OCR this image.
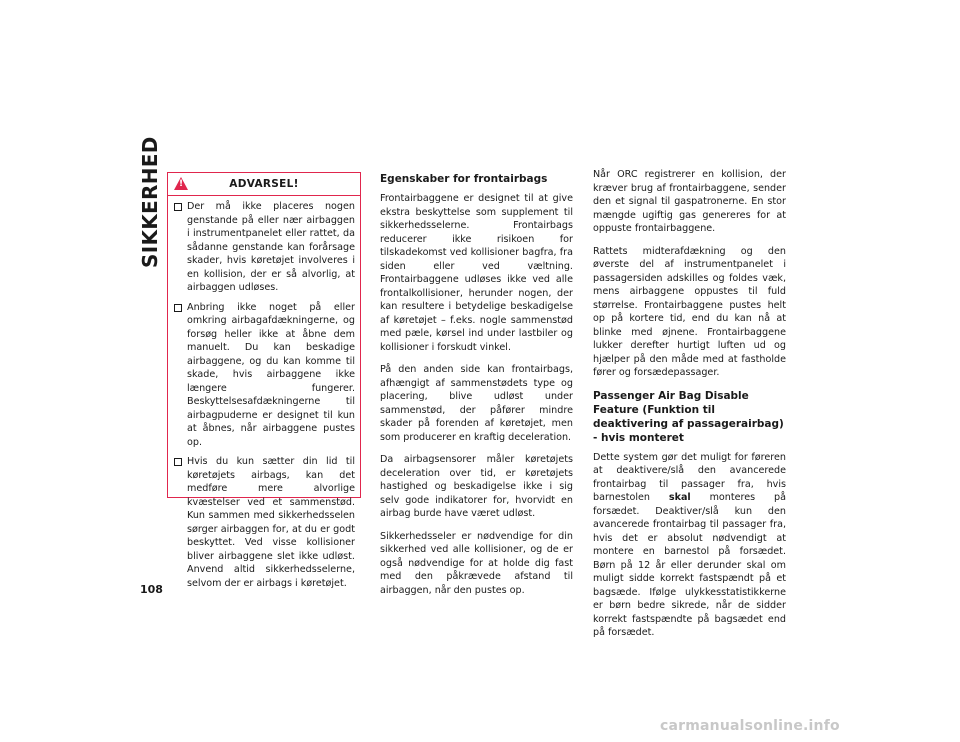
SIKKERHED
108
!
ADVARSEL!

Der må ikke placeres nogen genstande på eller nær airbaggen i instrumentpanelet eller rattet, da sådanne genstande kan forårsage skader, hvis køretøjet involveres i en kollision, der er så alvorlig, at airbaggen udløses.

Anbring ikke noget på eller omkring airbagafdækningerne, og forsøg heller ikke at åbne dem manuelt. Du kan beskadige airbaggene, og du kan komme til skade, hvis airbaggene ikke længere fungerer. Beskyttelsesafdækningerne til airbagpuderne er designet til kun at åbnes, når airbaggene pustes op.

Hvis du kun sætter din lid til køretøjets airbags, kan det medføre mere alvorlige kvæstelser ved et sammenstød. Kun sammen med sikkerhedsselen sørger airbaggen for, at du er godt beskyttet. Ved visse kollisioner bliver airbaggene slet ikke udløst. Anvend altid sikkerhedsselerne, selvom der er airbags i køretøjet.

Egenskaber for frontairbags

Frontairbaggene er designet til at give ekstra beskyttelse som supplement til sikkerhedsselerne. Frontairbags reducerer ikke risikoen for tilskadekomst ved kollisioner bagfra, fra siden eller ved væltning. Frontairbaggene udløses ikke ved alle frontalkollisioner, herunder nogen, der kan resultere i betydelige beskadigelse af køretøjet – f.eks. nogle sammenstød med pæle, kørsel ind under lastbiler og kollisioner i forskudt vinkel.

På den anden side kan frontairbags, afhængigt af sammenstødets type og placering, blive udløst under sammenstød, der påfører mindre skader på forenden af køretøjet, men som producerer en kraftig deceleration.

Da airbagsensorer måler køretøjets deceleration over tid, er køretøjets hastighed og beskadigelse ikke i sig selv gode indikatorer for, hvorvidt en airbag burde have været udløst.

Sikkerhedsseler er nødvendige for din sikkerhed ved alle kollisioner, og de er også nødvendige for at holde dig fast med den påkrævede afstand til airbaggen, når den pustes op.

Når ORC registrerer en kollision, der kræver brug af frontairbaggene, sender den et signal til gaspatronerne. En stor mængde ugiftig gas genereres for at oppuste frontairbaggene.

Rattets midterafdækning og den øverste del af instrumentpanelet i passagersiden adskilles og foldes væk, mens airbaggene oppustes til fuld størrelse. Frontairbaggene pustes helt op på kortere tid, end du kan nå at blinke med øjnene. Frontairbaggene lukker derefter hurtigt luften ud og hjælper på den måde med at fastholde fører og forsædepassager.

Passenger Air Bag Disable Feature (Funktion til deaktivering af passagerairbag) - hvis monteret

Dette system gør det muligt for føreren at deaktivere/slå den avancerede frontairbag til passager fra, hvis barnestolen skal monteres på forsædet. Deaktiver/slå kun den avancerede frontairbag til passager fra, hvis det er absolut nødvendigt at montere en barnestol på forsædet. Børn på 12 år eller derunder skal om muligt sidde korrekt fastspændt på et bagsæde. Ifølge ulykkesstatistikkerne er børn bedre sikrede, når de sidder korrekt fastspændte på bagsædet end på forsædet.

carmanualsonline.info
